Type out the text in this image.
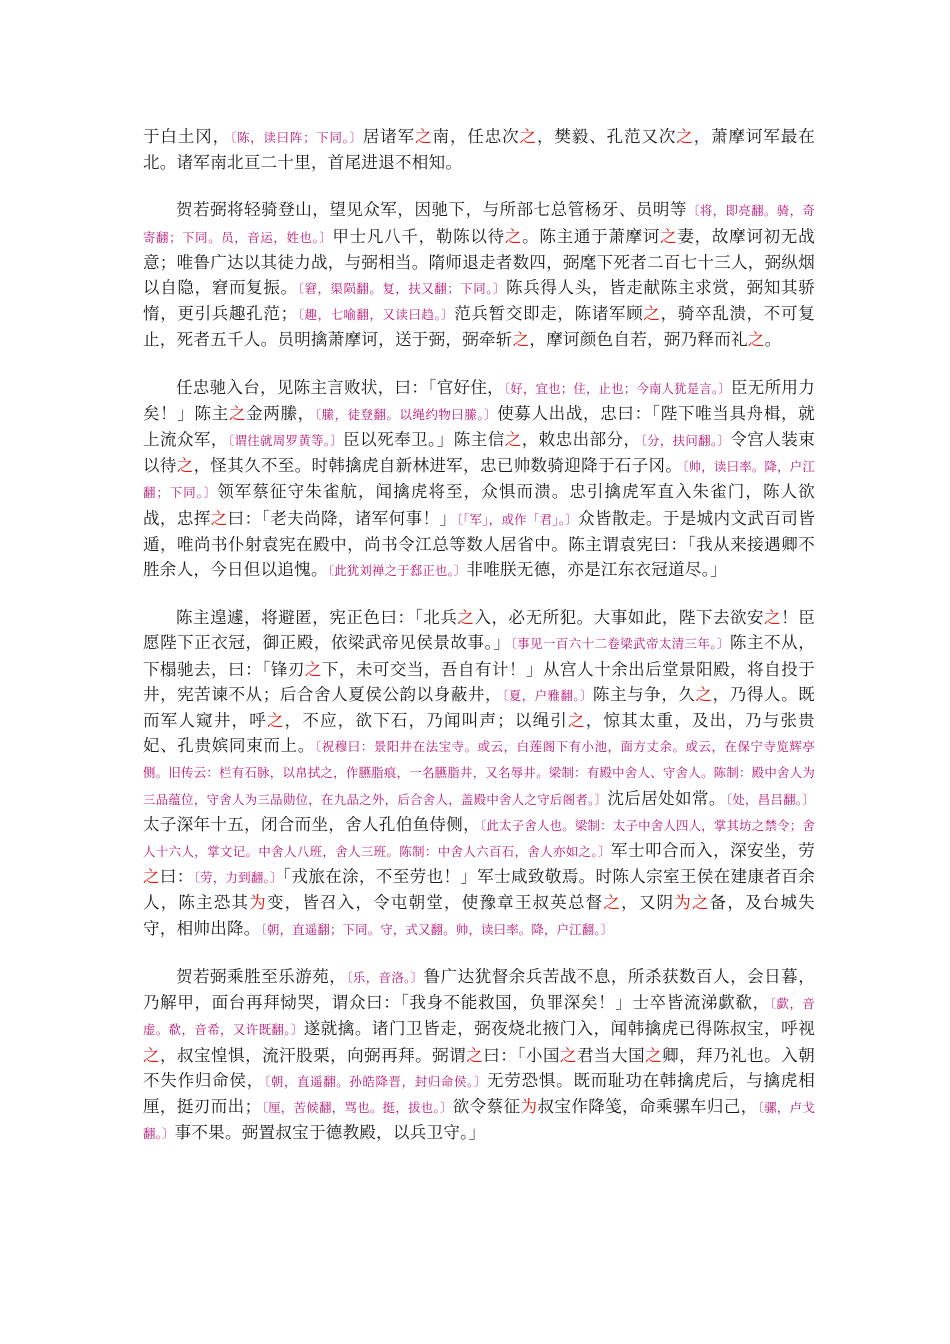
于白土冈，〔陈，读曰阵；下同。〕居诸军之南，任忠次之，樊毅、孔范又次之，萧摩诃军最在北。诸军南北亘二十里，首尾进退不相知。

贺若弼将轻骑登山，望见众军，因驰下，与所部七总管杨牙、员明等〔将，即亮翻。骑，奇寄翻；下同。员，音运，姓也。〕甲士凡八千，勒陈以待之。陈主通于萧摩诃之妻，故摩诃初无战意；唯鲁广达以其徒力战，与弼相当。隋师退走者数四，弼麾下死者二百七十三人，弼纵烟以自隐，窘而复振。〔窘，渠陨翻。复，扶又翻；下同。〕陈兵得人头，皆走献陈主求赏，弼知其骄惰，更引兵趣孔范；〔趣，七喻翻，又读曰趋。〕范兵暂交即走，陈诸军顾之，骑卒乱溃，不可复止，死者五千人。员明擒萧摩诃，送于弼，弼牵斩之，摩诃颜色自若，弼乃释而礼之。

任忠驰入台，见陈主言败状，曰：「官好住，〔好，宜也；住，止也；今南人犹是言。〕臣无所用力矣！」陈主之金两縢，〔縢，徒登翻。以绳约物曰縢。〕使募人出战，忠曰：「陛下唯当具舟楫，就上流众军，〔谓往就周罗黄等。〕臣以死奉卫。」陈主信之，敕忠出部分，〔分，扶问翻。〕令宫人装束以待之，怪其久不至。时韩擒虎自新林进军，忠已帅数骑迎降于石子冈。〔帅，读曰率。降，户江翻；下同。〕领军蔡征守朱雀航，闻擒虎将至，众惧而溃。忠引擒虎军直入朱雀门，陈人欲战，忠挥之曰：「老夫尚降，诸军何事！」〔「军」，或作「君」。〕众皆散走。于是城内文武百司皆遁，唯尚书仆射袁宪在殿中，尚书令江总等数人居省中。陈主谓袁宪曰：「我从来接遇卿不胜余人，今日但以追愧。〔此犹刘禅之于郄正也。〕非唯朕无德，亦是江东衣冠道尽。」

陈主遑遽，将避匿，宪正色曰：「北兵之入，必无所犯。大事如此，陛下去欲安之！臣愿陛下正衣冠，御正殿，依梁武帝见侯景故事。」〔事见一百六十二卷梁武帝太清三年。〕陈主不从，下榻驰去，曰：「锋刃之下，未可交当，吾自有计！」从宫人十余出后堂景阳殿，将自投于井，宪苦谏不从；后合舍人夏侯公韵以身蔽井，〔夏，户雅翻。〕陈主与争，久之，乃得人。既而军人窥井，呼之，不应，欲下石，乃闻叫声；以绳引之，惊其太重，及出，乃与张贵妃、孔贵嫔同束而上。〔祝穆曰：景阳井在法宝寺。或云，白莲阁下有小池，面方丈余。或云，在保宁寺览辉亭侧。旧传云：栏有石脉，以帛拭之，作臙脂痕，一名臙脂井，又名辱井。梁制：有殿中舍人、守舍人。陈制：殿中舍人为三品蕴位，守舍人为三品勋位，在九品之外，后合舍人，盖殿中舍人之守后阁者。〕沈后居处如常。〔处，昌吕翻。〕太子深年十五，闭合而坐，舍人孔伯鱼侍侧，〔此太子舍人也。梁制：太子中舍人四人，掌其坊之禁令；舍人十六人，掌文记。中舍人八班，舍人三班。陈制：中舍人六百石，舍人亦如之。〕军士叩合而入，深安坐，劳之曰：〔劳，力到翻。〕「戎旅在涂，不至劳也！」军士咸致敬焉。时陈人宗室王侯在建康者百余人，陈主恐其为变，皆召入，令屯朝堂，使豫章王叔英总督之，又阴为之备，及台城失守，相帅出降。〔朝，直遥翻；下同。守，式又翻。帅，读曰率。降，户江翻。〕

贺若弼乘胜至乐游苑，〔乐，音洛。〕鲁广达犹督余兵苦战不息，所杀获数百人，会日暮，乃解甲，面台再拜恸哭，谓众曰：「我身不能救国，负罪深矣！」士卒皆流涕歔欷，〔歔，音虚。欷，音希，又许既翻。〕遂就擒。诸门卫皆走，弼夜烧北掖门入，闻韩擒虎已得陈叔宝，呼视之，叔宝惶惧，流汗股栗，向弼再拜。弼谓之曰：「小国之君当大国之卿，拜乃礼也。入朝不失作归命侯，〔朝，直遥翻。孙皓降晋，封归命侯。〕无劳恐惧。既而耻功在韩擒虎后，与擒虎相厘，挺刃而出；〔厘，苦候翻，骂也。挺，拔也。〕欲令蔡征为叔宝作降笺，命乘骡车归己，〔骡，卢戈翻。〕事不果。弼置叔宝于德教殿，以兵卫守。」
